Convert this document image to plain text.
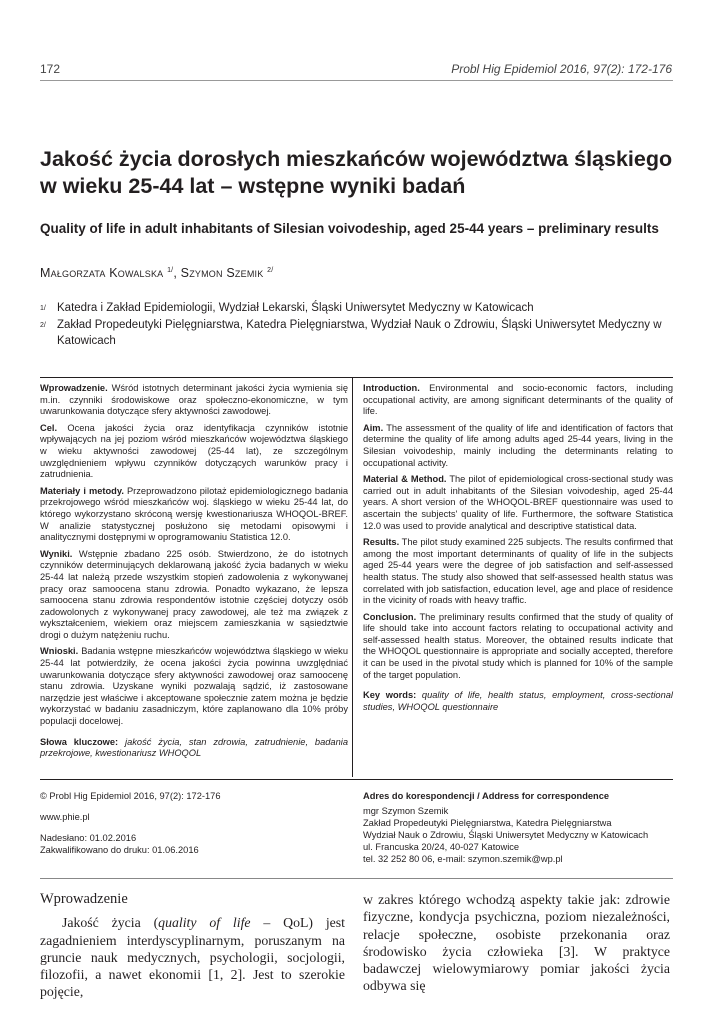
172	Probl Hig Epidemiol 2016, 97(2): 172-176
Jakość życia dorosłych mieszkańców województwa śląskiego w wieku 25-44 lat – wstępne wyniki badań
Quality of life in adult inhabitants of Silesian voivodeship, aged 25-44 years – preliminary results
Małgorzata Kowalska $^{1/}$, Szymon Szemik $^{2/}$
1/ Katedra i Zakład Epidemiologii, Wydział Lekarski, Śląski Uniwersytet Medyczny w Katowicach
2/ Zakład Propedeutyki Pielęgniarstwa, Katedra Pielęgniarstwa, Wydział Nauk o Zdrowiu, Śląski Uniwersytet Medyczny w Katowicach

Wprowadzenie. Wśród istotnych determinant jakości życia wymienia się m.in. czynniki środowiskowe oraz społeczno-ekonomiczne, w tym uwarunkowania dotyczące sfery aktywności zawodowej.

Cel. Ocena jakości życia oraz identyfikacja czynników istotnie wpływających na jej poziom wśród mieszkańców województwa śląskiego w wieku aktywności zawodowej (25-44 lat), ze szczególnym uwzględnieniem wpływu czynników dotyczących warunków pracy i zatrudnienia.

Materiały i metody. Przeprowadzono pilotaż epidemiologicznego badania przekrojowego wśród mieszkańców woj. śląskiego w wieku 25-44 lat, do którego wykorzystano skróconą wersję kwestionariusza WHOQOL-BREF. W analizie statystycznej posłużono się metodami opisowymi i analitycznymi dostępnymi w oprogramowaniu Statistica 12.0.

Wyniki. Wstępnie zbadano 225 osób. Stwierdzono, że do istotnych czynników determinujących deklarowaną jakość życia badanych w wieku 25-44 lat należą przede wszystkim stopień zadowolenia z wykonywanej pracy oraz samoocena stanu zdrowia. Ponadto wykazano, że lepsza samoocena stanu zdrowia respondentów istotnie częściej dotyczy osób zadowolonych z wykonywanej pracy zawodowej, ale też ma związek z wykształceniem, wiekiem oraz miejscem zamieszkania w sąsiedztwie drogi o dużym natężeniu ruchu.

Wnioski. Badania wstępne mieszkańców województwa śląskiego w wieku 25-44 lat potwierdziły, że ocena jakości życia powinna uwzględniać uwarunkowania dotyczące sfery aktywności zawodowej oraz samoocenę stanu zdrowia. Uzyskane wyniki pozwalają sądzić, iż zastosowane narzędzie jest właściwe i akceptowane społecznie zatem można je będzie wykorzystać w badaniu zasadniczym, które zaplanowano dla 10% próby populacji docelowej.

Słowa kluczowe: jakość życia, stan zdrowia, zatrudnienie, badania przekrojowe, kwestionariusz WHOQOL

Introduction. Environmental and socio-economic factors, including occupational activity, are among significant determinants of the quality of life.

Aim. The assessment of the quality of life and identification of factors that determine the quality of life among adults aged 25-44 years, living in the Silesian voivodeship, mainly including the determinants relating to occupational activity.

Material & Method. The pilot of epidemiological cross-sectional study was carried out in adult inhabitants of the Silesian voivodeship, aged 25-44 years. A short version of the WHOQOL-BREF questionnaire was used to ascertain the subjects' quality of life. Furthermore, the software Statistica 12.0 was used to provide analytical and descriptive statistical data.

Results. The pilot study examined 225 subjects. The results confirmed that among the most important determinants of quality of life in the subjects aged 25-44 years were the degree of job satisfaction and self-assessed health status. The study also showed that self-assessed health status was correlated with job satisfaction, education level, age and place of residence in the vicinity of roads with heavy traffic.

Conclusion. The preliminary results confirmed that the study of quality of life should take into account factors relating to occupational activity and self-assessed health status. Moreover, the obtained results indicate that the WHOQOL questionnaire is appropriate and socially accepted, therefore it can be used in the pivotal study which is planned for 10% of the sample of the target population.

Key words: quality of life, health status, employment, cross-sectional studies, WHOQOL questionnaire

© Probl Hig Epidemiol 2016, 97(2): 172-176

www.phie.pl

Nadesłano: 01.02.2016

Zakwalifikowano do druku: 01.06.2016

Adres do korespondencji / Address for correspondence

mgr Szymon Szemik

Zakład Propedeutyki Pielęgniarstwa, Katedra Pielęgniarstwa

Wydział Nauk o Zdrowiu, Śląski Uniwersytet Medyczny w Katowicach

ul. Francuska 20/24, 40-027 Katowice

tel. 32 252 80 06, e-mail: szymon.szemik@wp.pl

Wprowadzenie
Jakość życia (quality of life – QoL) jest zagadnieniem interdyscyplinarnym, poruszanym na gruncie nauk medycznych, psychologii, socjologii, filozofii, a nawet ekonomii [1, 2]. Jest to szerokie pojęcie,
w zakres którego wchodzą aspekty takie jak: zdrowie fizyczne, kondycja psychiczna, poziom niezależności, relacje społeczne, osobiste przekonania oraz środowisko życia człowieka [3]. W praktyce badawczej wielowymiarowy pomiar jakości życia odbywa się
